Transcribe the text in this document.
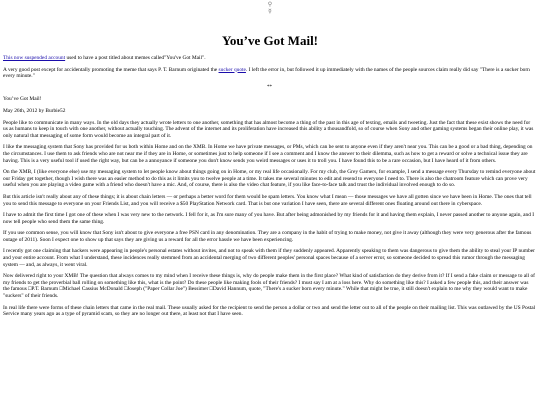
⚲
☿
You’ve Got Mail!

This now suspended account used to have a post titled about memes called"You've Got Mail".

A very good post except for accidentally promoting the meme that says P. T. Barnum originated the sucker quote. I left the error in, but followed it up immediately with the names of the people sources claim really did say "There is a sucker born every minute."

**
You’ve Got Mail!
May 26th, 2012 by Burbie52

People like to communicate in many ways. In the old days they actually wrote letters to one another, something that has almost become a thing of the past in this age of texting, emails and tweeting. Just the fact that these exist shows the need for us as humans to keep in touch with one another, without actually touching. The advent of the internet and its proliferation have increased this ability a thousandfold, so of course when Sony and other gaming systems began their online play, it was only natural that messaging of some form would become an integral part of it.

I like the messaging system that Sony has provided for us both within Home and on the XMB. In Home we have private messages, or PMs, which can be sent to anyone even if they aren't near you. This can be a good or a bad thing, depending on the circumstances. I use them to ask friends who are not near me if they are in Home, or sometimes just to help someone if I see a comment and I know the answer to their dilemma, such as how to get a reward or solve a technical issue they are having. This is a very useful tool if used the right way, but can be a annoyance if someone you don't know sends you weird messages or uses it to troll you. I have found this to be a rare occasion, but I have heard of it from others.

On the XMB, I (like everyone else) use my messaging system to let people know about things going on in Home, or my real life occasionally. For my club, the Grey Gamers, for example, I send a message every Thursday to remind everyone about our Friday get together, though I wish there was an easier method to do this as it limits you to twelve people at a time. It takes me several minutes to edit and resend to everyone I need to. There is also the chatroom feature which can prove very useful when you are playing a video game with a friend who doesn't have a mic. And, of course, there is also the video chat feature, if you like face-to-face talk and trust the individual involved enough to do so.

But this article isn't really about any of these things; it is about chain letters — or perhaps a better word for them would be spam letters. You know what I mean — those messages we have all gotten since we have been in Home. The ones that tell you to send this message to everyone on your Friends List, and you will receive a $50 PlayStation Network card. That is but one variation I have seen, there are several different ones floating around out there in cyberspace.

I have to admit the first time I got one of these when I was very new to the network. I fell for it, as I'm sure many of you have. But after being admonished by my friends for it and having them explain, I never passed another to anyone again, and I now tell people who send them the same thing.

If you use common sense, you will know that Sony isn't about to give everyone a free PSN card in any denomination. They are a company in the habit of trying to make money, not give it away (although they were very generous after the famous outage of 2011). Soon I expect one to show up that says they are giving us a reward for all the error hassle we have been experiencing.

I recently got one claiming that hackers were appearing in people's personal estates without invites, and not to speak with them if they suddenly appeared. Apparently speaking to them was dangerous to give them the ability to steal your IP number and your entire account. From what I understand, these incidences really stemmed from an accidental merging of two different peoples' personal spaces because of a server error, so someone decided to spread this rumor through the messaging system — and, as always, it went viral.

Now delivered right to your XMB! The question that always comes to my mind when I receive these things is, why do people make them in the first place? What kind of satisfaction do they derive from it? If I send a fake claim or message to all of my friends to get the proverbial ball rolling on something like this, what is the point? Do these people like making fools of their friends? I must say I am at a loss here. Why do something like this? I asked a few people this, and their answer was the famous □P.T. Barnum □Michael Cassius McDonald □Joseph ("Paper Collar Joe") Bessimer □David Hannum, quote, "There's a sucker born every minute." While that might be true, it still doesn't explain to me why they would want to make "suckers" of their friends.

In real life there were forms of these chain letters that came in the real mail. These usually asked for the recipient to send the person a dollar or two and send the letter out to all of the people on their mailing list. This was outlawed by the US Postal Service many years ago as a type of pyramid scam, so they are no longer out there, at least not that I have seen.
